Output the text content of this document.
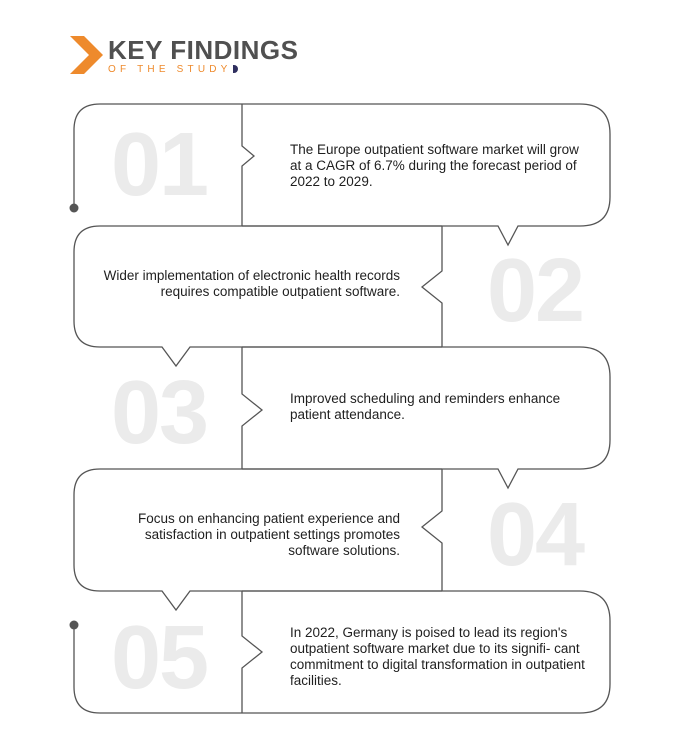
KEY FINDINGS
OF THE STUDY
01
02
03
04
05
The Europe outpatient software market will grow at a CAGR of 6.7% during the forecast period of 2022 to 2029.
Wider implementation of electronic health records requires compatible outpatient software.
Improved scheduling and reminders enhance patient attendance.
Focus on enhancing patient experience and satisfaction in outpatient settings promotes software solutions.
In 2022, Germany is poised to lead its region's outpatient software market due to its signifi- cant commitment to digital transformation in outpatient facilities.
